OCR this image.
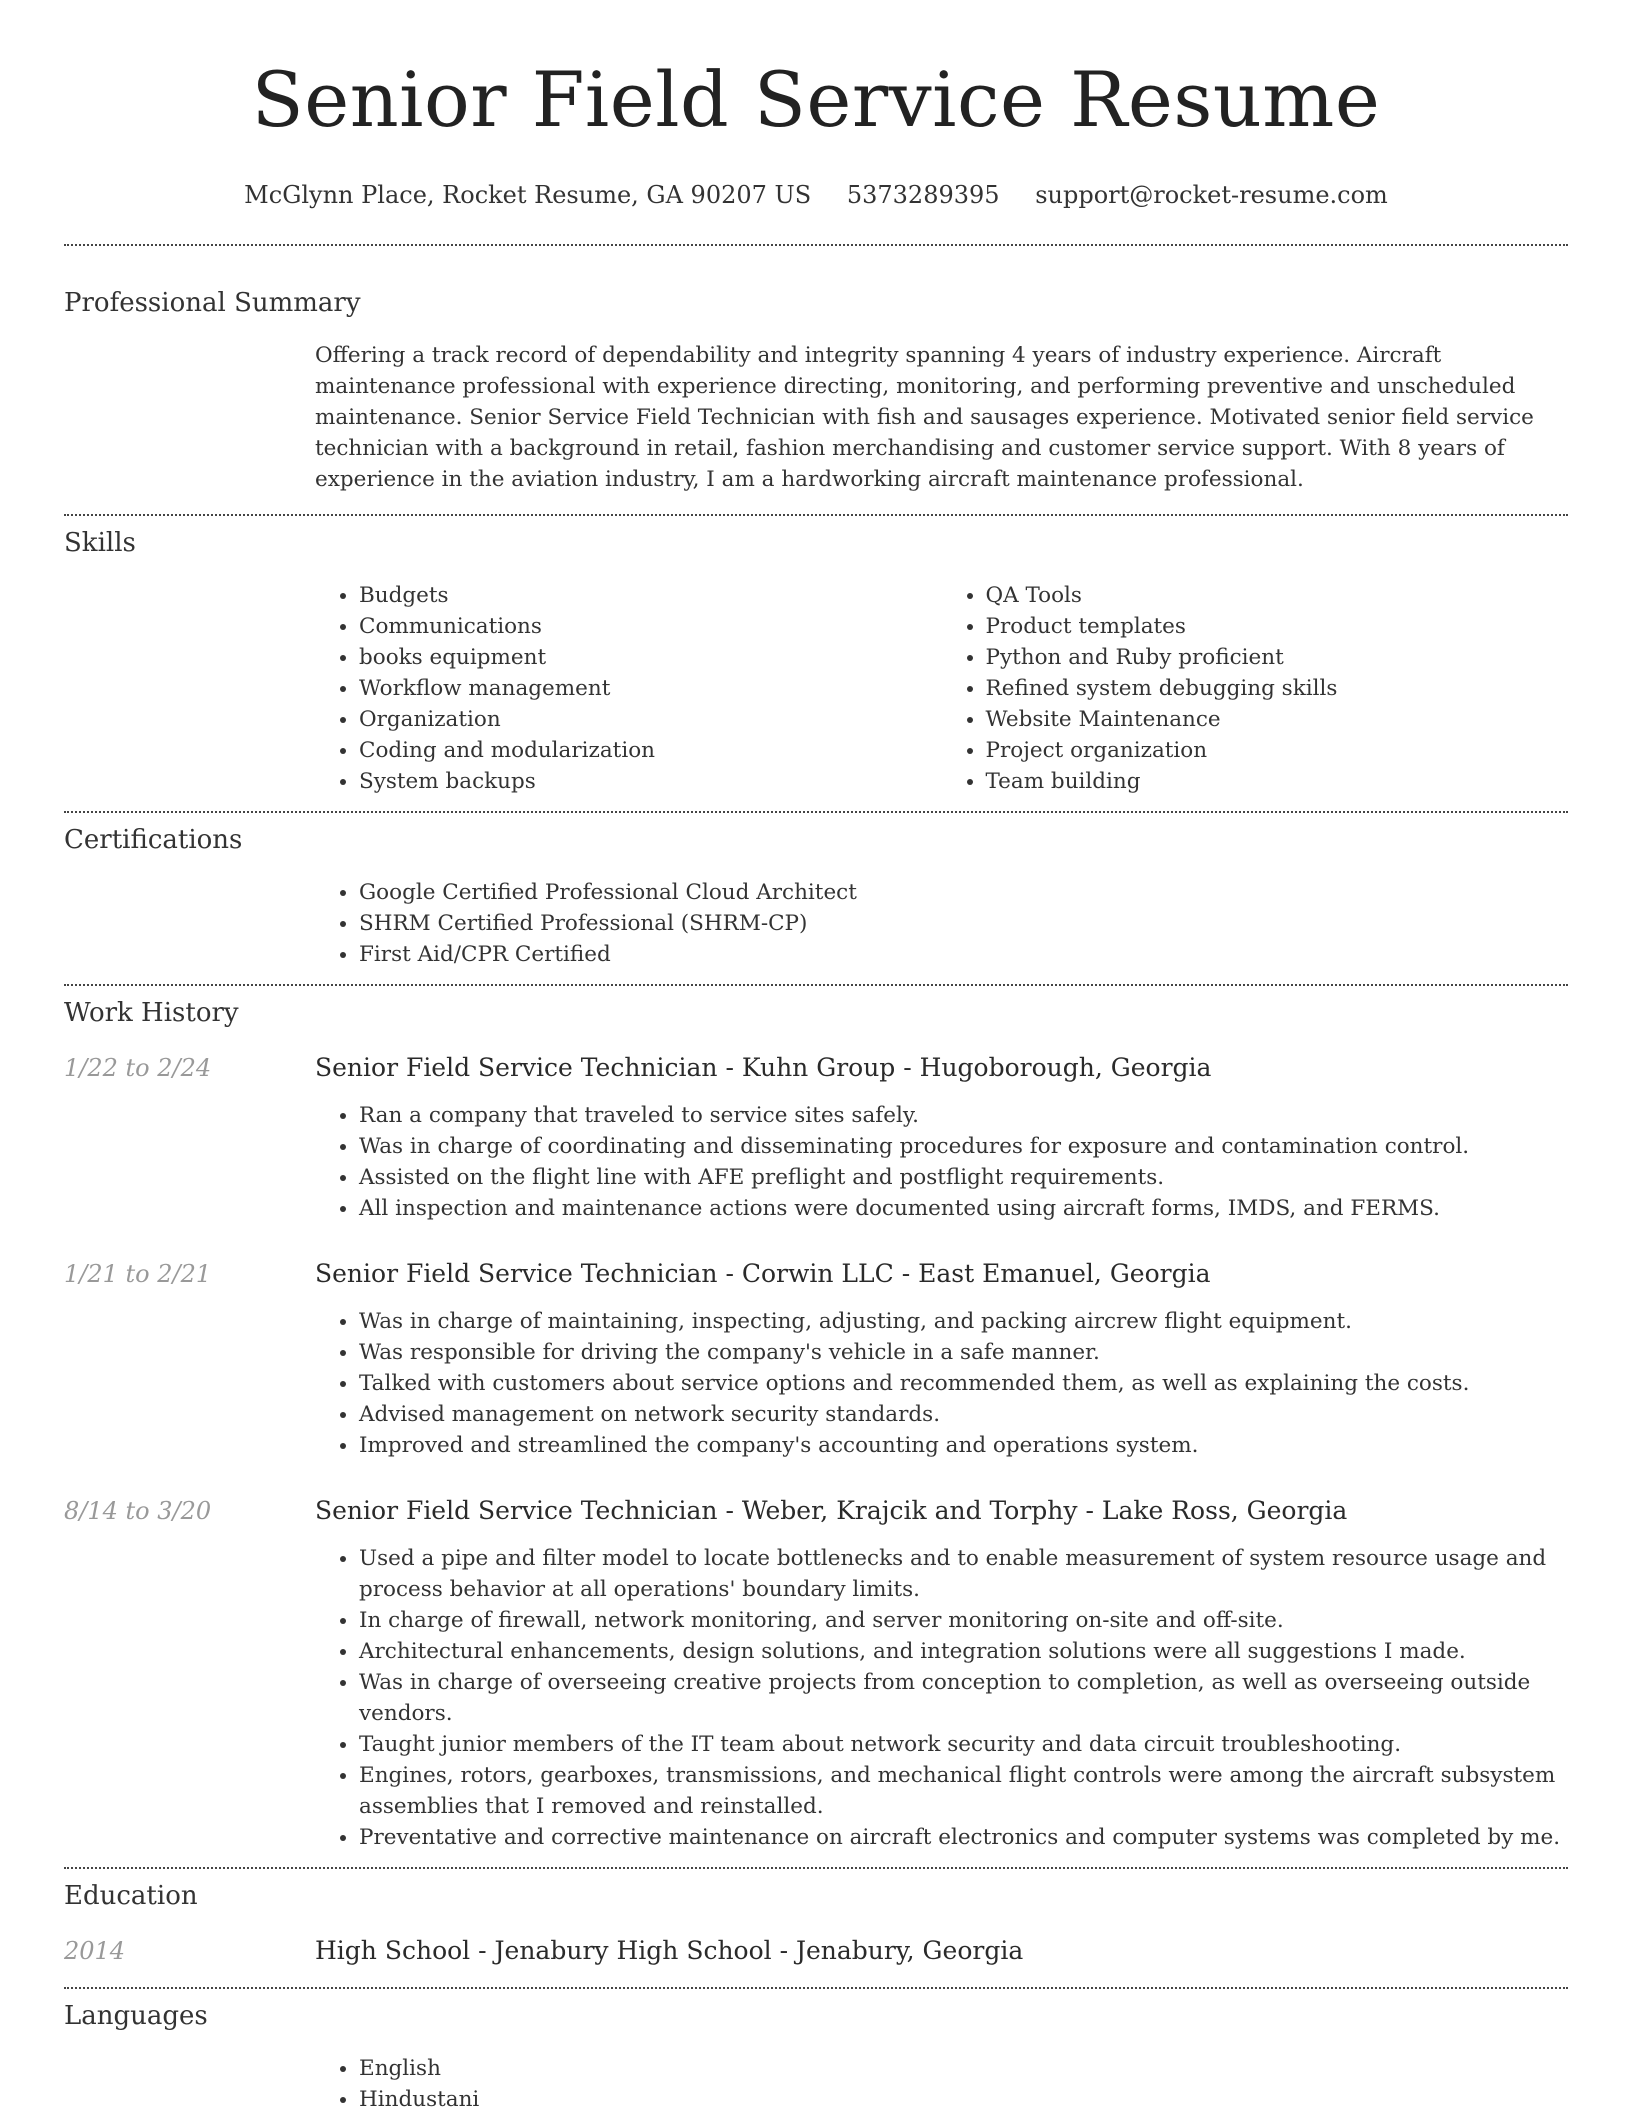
Senior Field Service Resume
McGlynn Place, Rocket Resume, GA 90207 US 5373289395 support@rocket-resume.com
Professional Summary
Offering a track record of dependability and integrity spanning 4 years of industry experience. Aircraft maintenance professional with experience directing, monitoring, and performing preventive and unscheduled maintenance. Senior Service Field Technician with fish and sausages experience. Motivated senior field service technician with a background in retail, fashion merchandising and customer service support. With 8 years of experience in the aviation industry, I am a hardworking aircraft maintenance professional.
Skills
• Budgets
• Communications
• books equipment
• Workflow management
• Organization
• Coding and modularization
• System backups
• QA Tools
• Product templates
• Python and Ruby proficient
• Refined system debugging skills
• Website Maintenance
• Project organization
• Team building
Certifications
• Google Certified Professional Cloud Architect
• SHRM Certified Professional (SHRM-CP)
• First Aid/CPR Certified
Work History
1/22 to 2/24	Senior Field Service Technician - Kuhn Group - Hugoborough, Georgia
• Ran a company that traveled to service sites safely.
• Was in charge of coordinating and disseminating procedures for exposure and contamination control.
• Assisted on the flight line with AFE preflight and postflight requirements.
• All inspection and maintenance actions were documented using aircraft forms, IMDS, and FERMS.
1/21 to 2/21	Senior Field Service Technician - Corwin LLC - East Emanuel, Georgia
• Was in charge of maintaining, inspecting, adjusting, and packing aircrew flight equipment.
• Was responsible for driving the company's vehicle in a safe manner.
• Talked with customers about service options and recommended them, as well as explaining the costs.
• Advised management on network security standards.
• Improved and streamlined the company's accounting and operations system.
8/14 to 3/20	Senior Field Service Technician - Weber, Krajcik and Torphy - Lake Ross, Georgia
• Used a pipe and filter model to locate bottlenecks and to enable measurement of system resource usage and process behavior at all operations' boundary limits.
• In charge of firewall, network monitoring, and server monitoring on-site and off-site.
• Architectural enhancements, design solutions, and integration solutions were all suggestions I made.
• Was in charge of overseeing creative projects from conception to completion, as well as overseeing outside vendors.
• Taught junior members of the IT team about network security and data circuit troubleshooting.
• Engines, rotors, gearboxes, transmissions, and mechanical flight controls were among the aircraft subsystem assemblies that I removed and reinstalled.
• Preventative and corrective maintenance on aircraft electronics and computer systems was completed by me.
Education
2014	High School - Jenabury High School - Jenabury, Georgia
Languages
• English
• Hindustani
